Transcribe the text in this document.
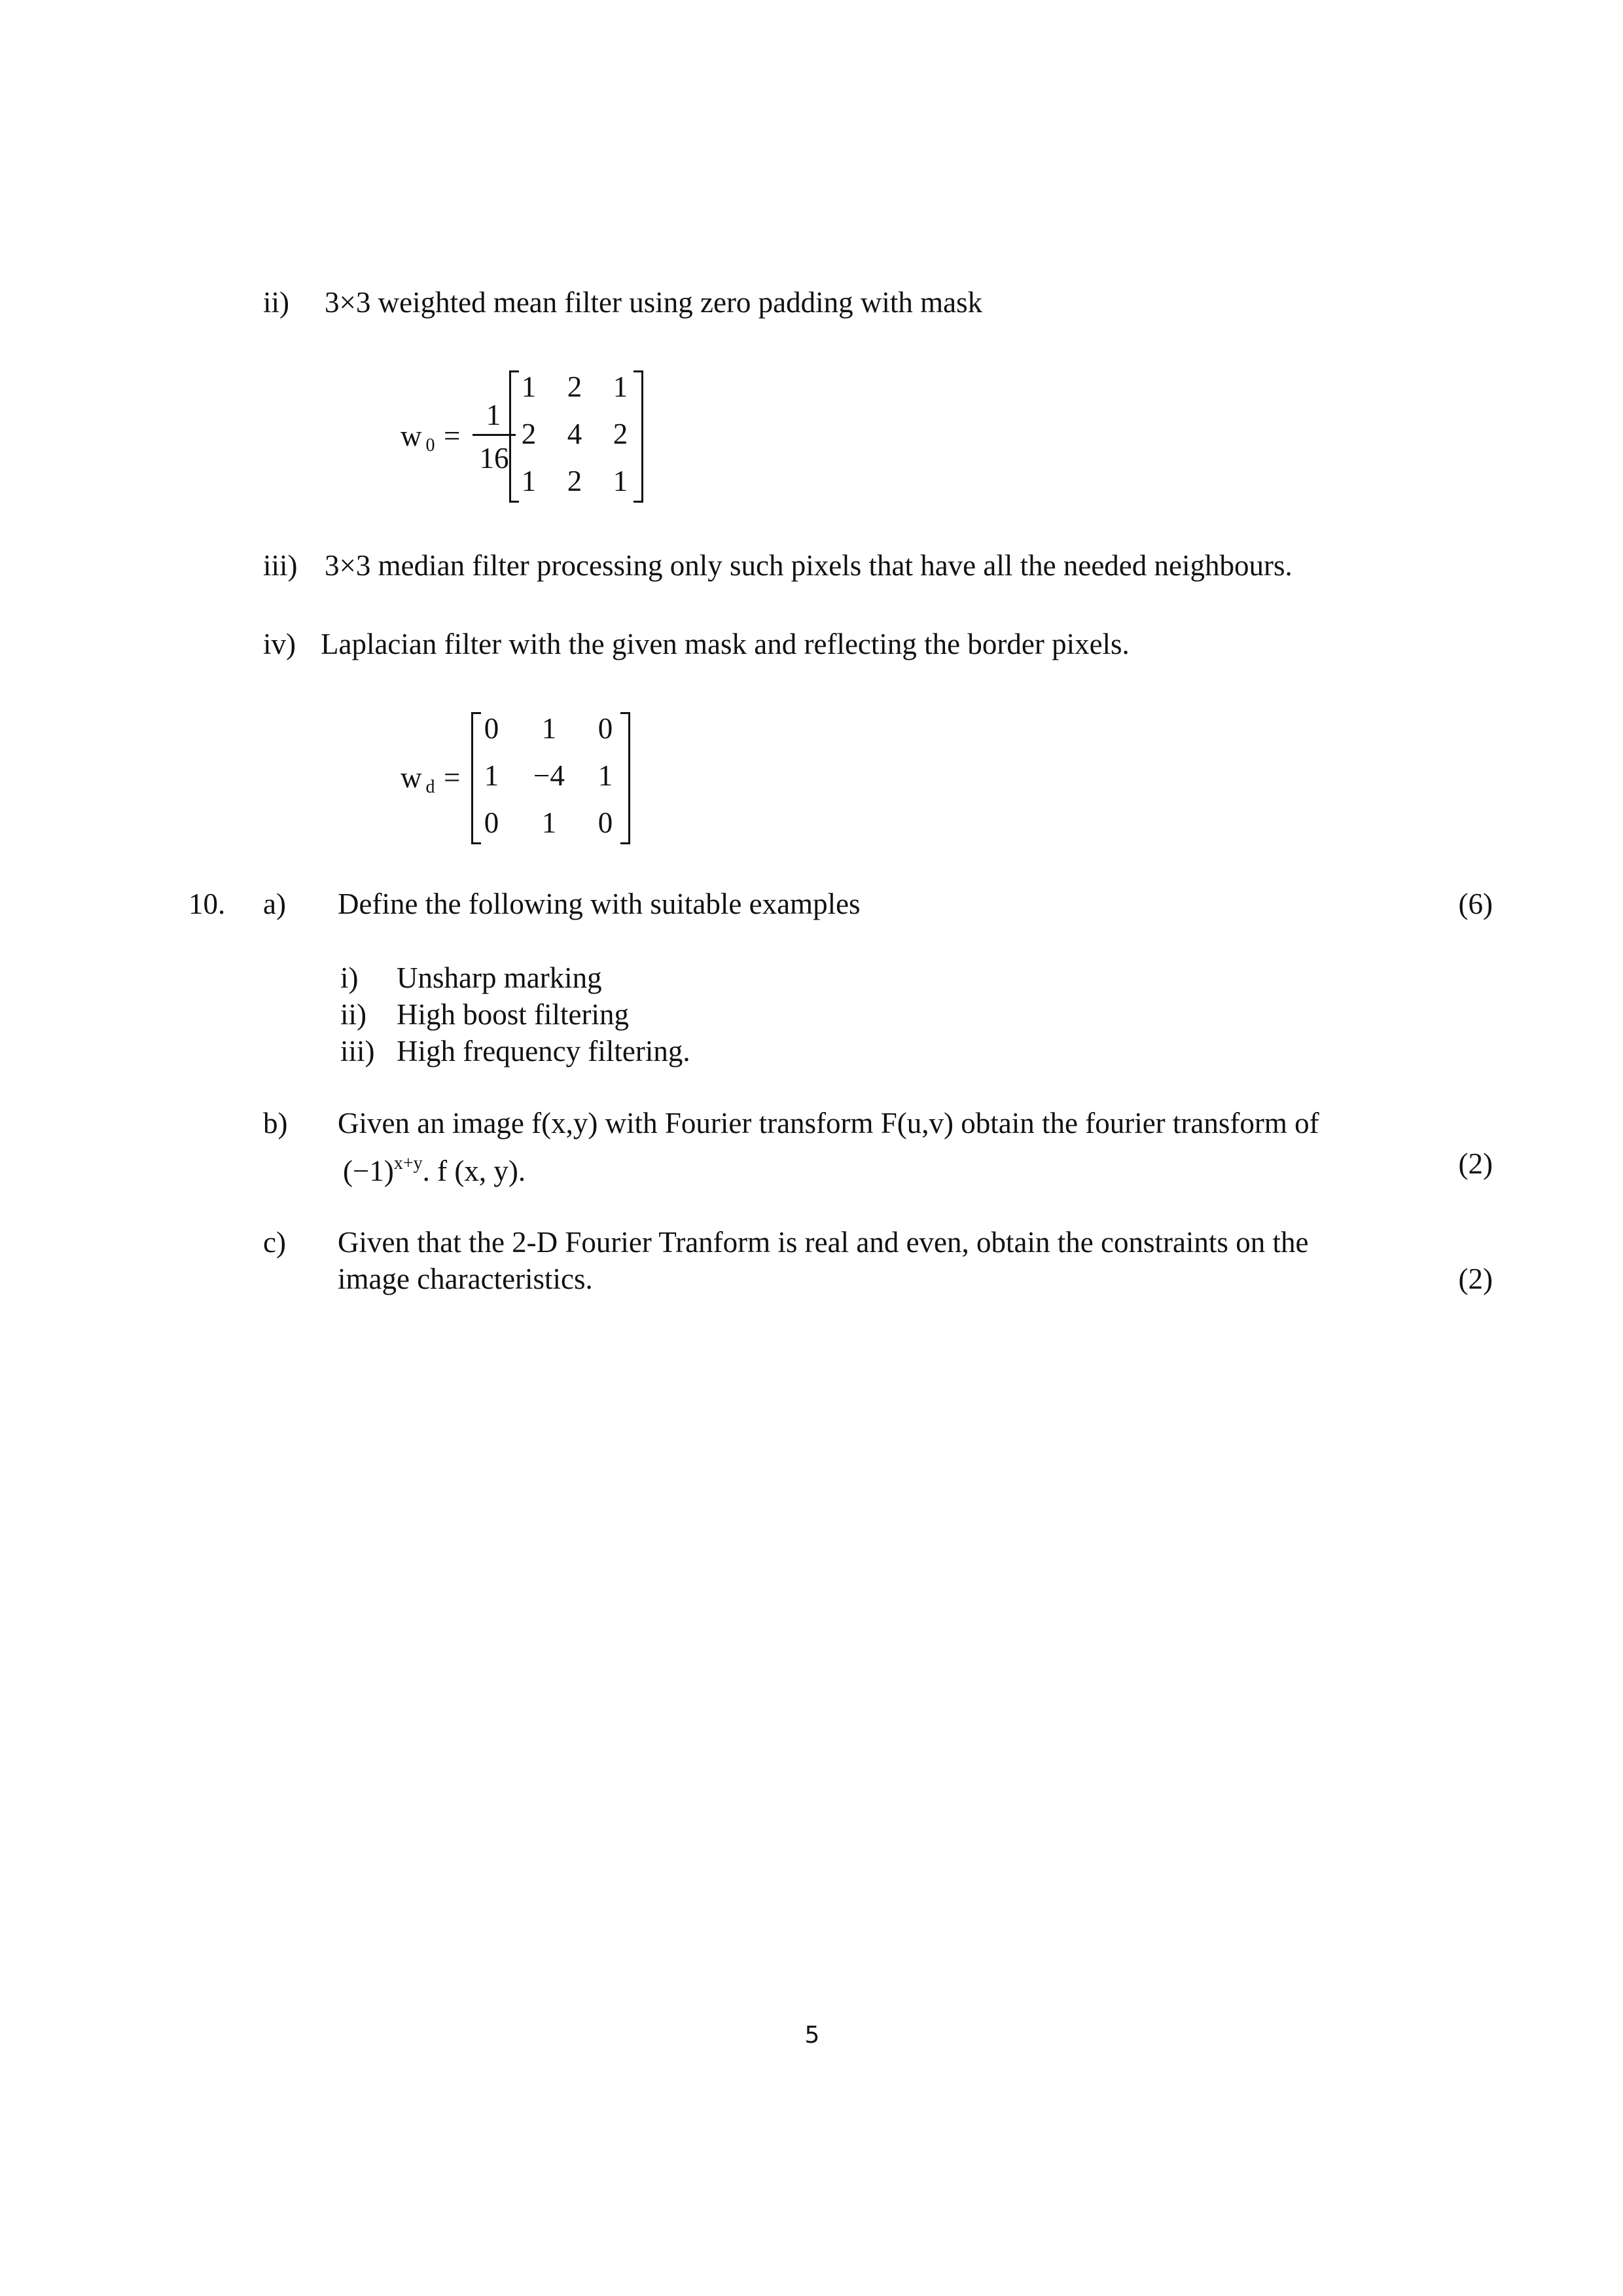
ii) 3×3 weighted mean filter using zero padding with mask
w $_0$ =
1
16
1	2	1
2	4	2
1	2	1
iii) 3×3 median filter processing only such pixels that have all the needed neighbours.
iv) Laplacian filter with the given mask and reflecting the border pixels.
w $_d$ =
0	1	0
1	−4	1
0	1	0
10. a) Define the following with suitable examples	(6)
i) Unsharp marking
ii) High boost filtering
iii) High frequency filtering.
b) Given an image f(x,y) with Fourier transform F(u,v) obtain the fourier transform of
$(-1)^{x+y}$. f (x, y).	(2)
c) Given that the 2-D Fourier Tranform is real and even, obtain the constraints on the
image characteristics.	(2)
5
